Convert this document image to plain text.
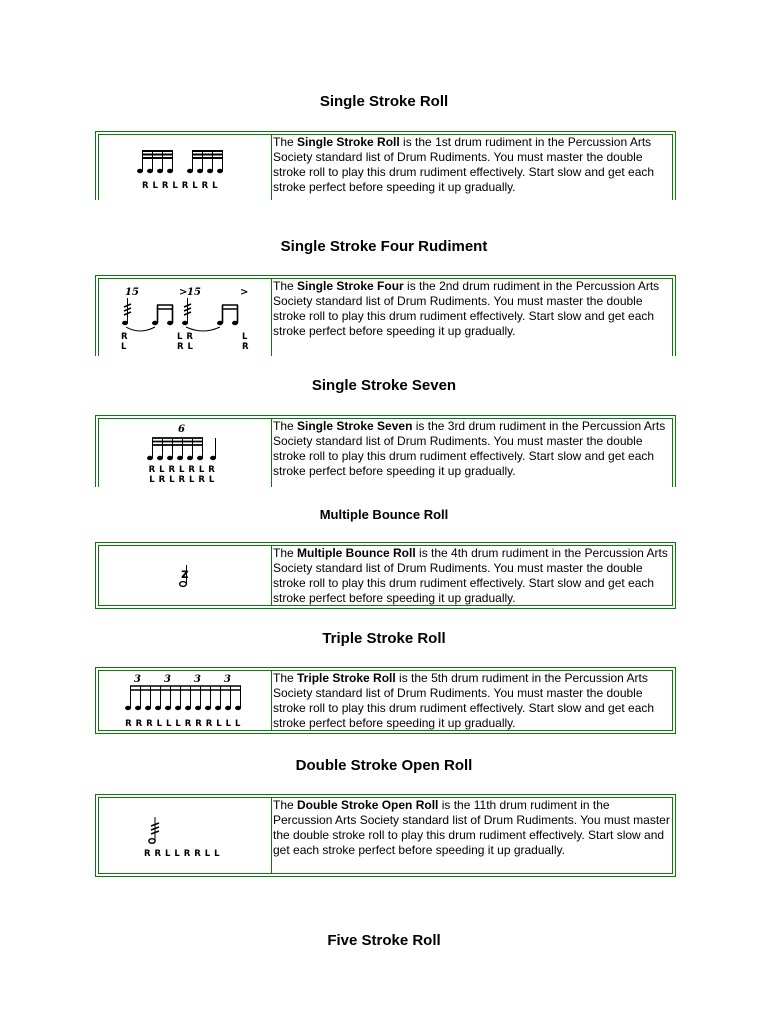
Single Stroke Roll
R L R L R L R L
The Single Stroke Roll is the 1st drum rudiment in the Percussion Arts Society standard list of Drum Rudiments. You must master the double stroke roll to play this drum rudiment effectively. Start slow and get each stroke perfect before speeding it up gradually.
Single Stroke Four Rudiment
15	15
>	>
R	L R	L
L	R L	R
The Single Stroke Four is the 2nd drum rudiment in the Percussion Arts Society standard list of Drum Rudiments. You must master the double stroke roll to play this drum rudiment effectively. Start slow and get each stroke perfect before speeding it up gradually.
Single Stroke Seven
6
R L R L R L R
L R L R L R L
The Single Stroke Seven is the 3rd drum rudiment in the Percussion Arts Society standard list of Drum Rudiments. You must master the double stroke roll to play this drum rudiment effectively. Start slow and get each stroke perfect before speeding it up gradually.
Multiple Bounce Roll
z
The Multiple Bounce Roll is the 4th drum rudiment in the Percussion Arts Society standard list of Drum Rudiments. You must master the double stroke roll to play this drum rudiment effectively. Start slow and get each stroke perfect before speeding it up gradually.
Triple Stroke Roll
3 3 3 3
R R R L L L R R R L L L
The Triple Stroke Roll is the 5th drum rudiment in the Percussion Arts Society standard list of Drum Rudiments. You must master the double stroke roll to play this drum rudiment effectively. Start slow and get each stroke perfect before speeding it up gradually.
Double Stroke Open Roll
R R L L R R L L
The Double Stroke Open Roll is the 11th drum rudiment in the Percussion Arts Society standard list of Drum Rudiments. You must master the double stroke roll to play this drum rudiment effectively. Start slow and get each stroke perfect before speeding it up gradually.
Five Stroke Roll
